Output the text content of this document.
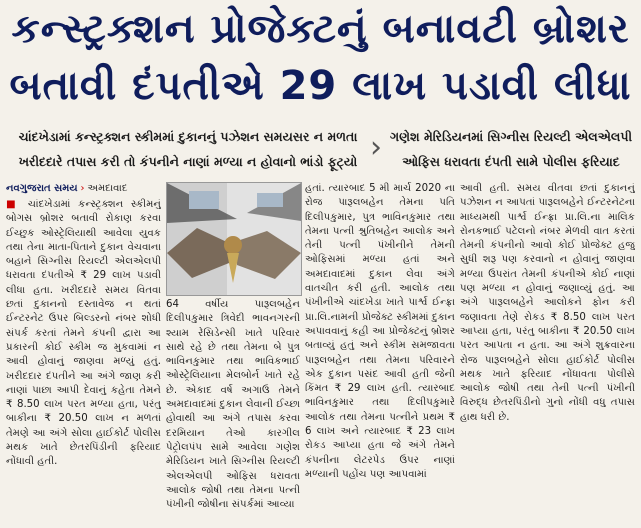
કન્સ્ટ્રક્શન પ્રોજેક્ટનું બનાવટી બ્રોશર
બતાવી દંપતીએ 29 લાખ પડાવી લીધા
ચાંદખેડામાં કન્સ્ટ્રક્શન સ્કીમમાં દુકાનનું પઝેશન સમયસર ન મળતા
ખરીદદારે તપાસ કરી તો કંપનીને નાણાં મળ્યા ન હોવાનો ભાંડો ફૂટ્યો › ગણેશ મેરિડિયનમાં સિગ્નીસ રિયલ્ટી એલએલપી
ઓફિસ ધરાવતા દંપતી સામે પોલીસ ફરિયાદ
નવગુજરાત સમય › અમદાવાદ
■ ચાંદખેડામાં કન્સ્ટ્રક્શન સ્કીમનું બોગસ બ્રોશર બતાવી રોકાણ કરવા ઈચ્છુક ઓસ્ટ્રેલિયાથી આવેલા યુવક તથા તેના માતા-પિતાને દુકાન વેચવાના બહાને સિગ્નીસ રિયલ્ટી એલએલપી ધરાવતા દંપતીએ ₹ 29 લાખ પડાવી લીધા હતા. ખરીદદારે સમય વિતવા છતાં દુકાનનો દસ્તાવેજ ન થતાં ઈન્ટરનેટ ઉપર બિલ્ડરનો નંબર શોધી સંપર્ક કરતાં તેમને કંપની દ્વારા આ પ્રકારની કોઈ સ્કીમ જ મુકવામાં ન આવી હોવાનું જાણવા મળ્યું હતું. ખરીદદાર દંપતીને આ અંગે જાણ કરી નાણાં પાછા આપી દેવાનું કહેતા તેમને ₹ 8.50 લાખ પરત મળ્યા હતા, પરંતુ બાકીના ₹ 20.50 લાખ ન મળતાં તેમણે આ અંગે સોલા હાઈકોર્ટ પોલીસ મથક ખાતે છેતરપિંડીની ફરિયાદ નોંધાવી હતી.
64 વર્ષીય પારૂલબહેન દિલીપકુમાર ત્રિવેદી ભાવનગરની શ્યામ રેસિડેન્સી ખાતે પરિવાર સાથે રહે છે તથા તેમના બે પુત્ર ભાવિનકુમાર તથા ભાવિકભાઈ ઓસ્ટ્રેલિયાના મેલબોર્ન ખાતે રહે છે. એકાદ વર્ષ અગાઉ તેમને અમદાવાદમાં દુકાન લેવાની ઈચ્છા હોવાથી આ અંગે તપાસ કરવા દરમિયાન તેઓ કારગીલ પેટ્રોલપંપ સામે આવેલા ગણેશ મેરિડિયન ખાતે સિગ્નીસ રિયલ્ટી એલએલપી ઓફિસ ધરાવતા આલોક જોષી તથા તેમના પત્ની પંખીની જોષીના સંપર્કમાં આવ્યા
હતાં. ત્યારબાદ 5 મી માર્ચ 2020 ના રોજ પારૂલબહેન તેમના પતિ દિલીપકુમાર, પુત્ર ભાવિનકુમાર તથા તેમના પત્ની શ્રુતિબહેન આલોક અને તેની પત્ની પંખીનીને તેમની ઓફિસમાં મળ્યા હતાં અને અમદાવાદમાં દુકાન લેવા અંગે વાતચીત કરી હતી. આલોક તથા પંખીનીએ ચાંદખેડા ખાતે પાર્શ્વ ઈન્ફ્રા પ્રા.લિ.નામની પ્રોજેક્ટ સ્કીમમાં દુકાન અપાવવાનું કહી આ પ્રોજેક્ટનું બ્રોશર બતાવ્યું હતું અને સ્કીમ સમજાવતા પારૂલબહેન તથા તેમના પરિવારને એક દુકાન પસંદ આવી હતી જેની કિંમત ₹ 29 લાખ હતી. ત્યારબાદ ભાવિનકુમાર તથા દિલીપકુમારે આલોક તથા તેમના પત્નીને પ્રથમ ₹ 6 લાખ અને ત્યારબાદ ₹ 23 લાખ રોકડ આપ્યા હતા જે અંગે તેમને કંપનીના લેટરપેડ ઉપર નાણાં મળ્યાની પહોંચ પણ આપવામાં
આવી હતી. સમય વીતવા છતાં દુકાનનું પઝેશન ન આપતાં પારૂલબહેને ઈન્ટરનેટના માધ્યમથી પાર્શ્વ ઈન્ફ્રા પ્રા.લિ.ના માલિક રોનકભાઈ પટેલનો નંબર મેળવી વાત કરતાં તેમની કંપનીનો આવો કોઈ પ્રોજેક્ટ હજુ સુધી શરૂ પણ કરવાનો ન હોવાનું જાણવા મળ્યા ઉપરાંત તેમની કંપનીએ કોઈ નાણાં પણ મળ્યા ન હોવાનું જણાવ્યું હતું. આ અંગે પારૂલબહેને આલોકને ફોન કરી જણાવતા તેણે રોકડ ₹ 8.50 લાખ પરત આપ્યા હતા, પરંતુ બાકીના ₹ 20.50 લાખ પરત આપતા ન હતા. આ અંગે શુક્રવારના રોજ પારૂલબહેને સોલા હાઈકોર્ટ પોલીસ મથક ખાતે ફરિયાદ નોંધાવતા પોલીસે આલોક જોષી તથા તેની પત્ની પંખીની વિરુદ્ધ છેતરપિંડીનો ગુનો નોંધી વધુ તપાસ હાથ ધરી છે.
